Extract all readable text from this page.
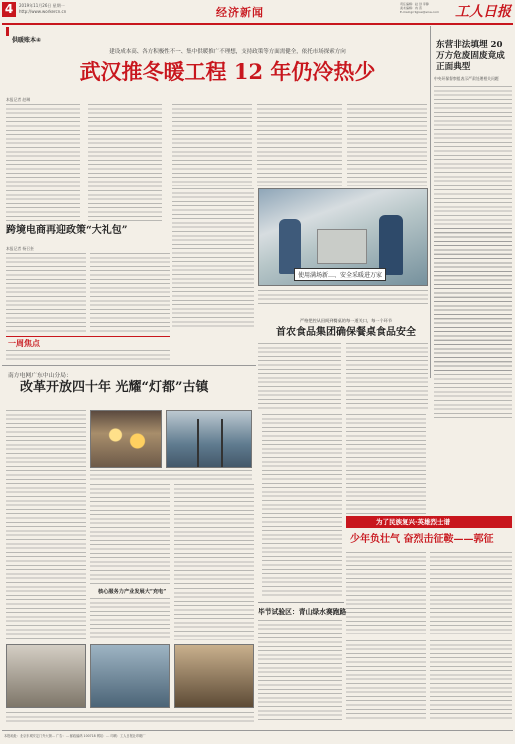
4	2019年11月26日 星期一
http://www.workercn.cn	经济新闻
责任编辑：赵 剑 李静
美术编辑：冉 晋
E-mail:grrbjjxw@sina.com 工人日报
供暖账本④
建设成本高、各方积极性不一、集中供暖推广不理想，支持政策等方面需健全，依托市场探索方向
武汉推冬暖工程 12 年仍冷热少
东营非法填埋 20 万方危废固废竟成正面典型
中央环保督察组表示严肃处理相关问题
本报记者 赵琳
跨境电商再迎政策“大礼包”
本报记者 杨召奎
使用满场新…、安全采暖进万家
一周焦点
严格把控从田间到餐桌的每一道关口，每一个环节
首农食品集团确保餐桌食品安全
南方电网广东中山分局：
改革开放四十年 光耀“灯都”古镇
核心服务力产业发展大“充电”
为了民族复兴·英雄烈士谱
少年负壮气 奋烈击征鞍——郭征
毕节试验区：青山绿水赛跑路
本报地址：北京东城安定门外大街… 广告：… 邮政编码 100718 网站：… 印刷：工人日报社印刷厂
